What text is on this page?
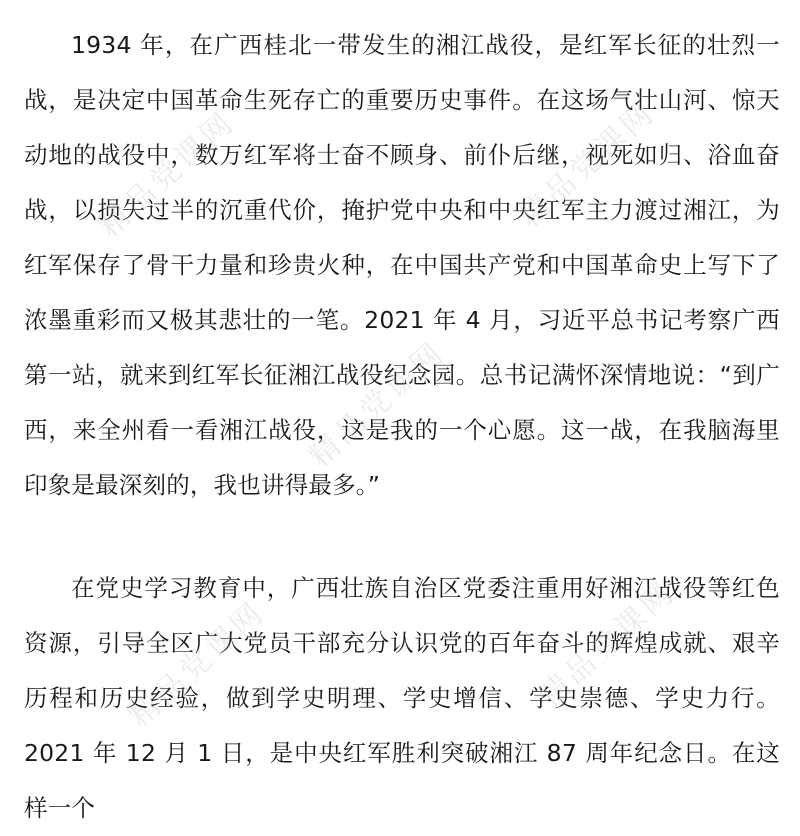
1934 年，在广西桂北一带发生的湘江战役，是红军长征的壮烈一战，是决定中国革命生死存亡的重要历史事件。在这场气壮山河、惊天动地的战役中，数万红军将士奋不顾身、前仆后继，视死如归、浴血奋战，以损失过半的沉重代价，掩护党中央和中央红军主力渡过湘江，为红军保存了骨干力量和珍贵火种，在中国共产党和中国革命史上写下了浓墨重彩而又极其悲壮的一笔。2021 年 4 月，习近平总书记考察广西第一站，就来到红军长征湘江战役纪念园。总书记满怀深情地说：“到广西，来全州看一看湘江战役，这是我的一个心愿。这一战，在我脑海里印象是最深刻的，我也讲得最多。”

在党史学习教育中，广西壮族自治区党委注重用好湘江战役等红色资源，引导全区广大党员干部充分认识党的百年奋斗的辉煌成就、艰辛历程和历史经验，做到学史明理、学史增信、学史崇德、学史力行。2021 年 12 月 1 日，是中央红军胜利突破湘江 87 周年纪念日。在这样一个

精品党课网	精品党课网
精品党课网
精品党课网	精品党课网
